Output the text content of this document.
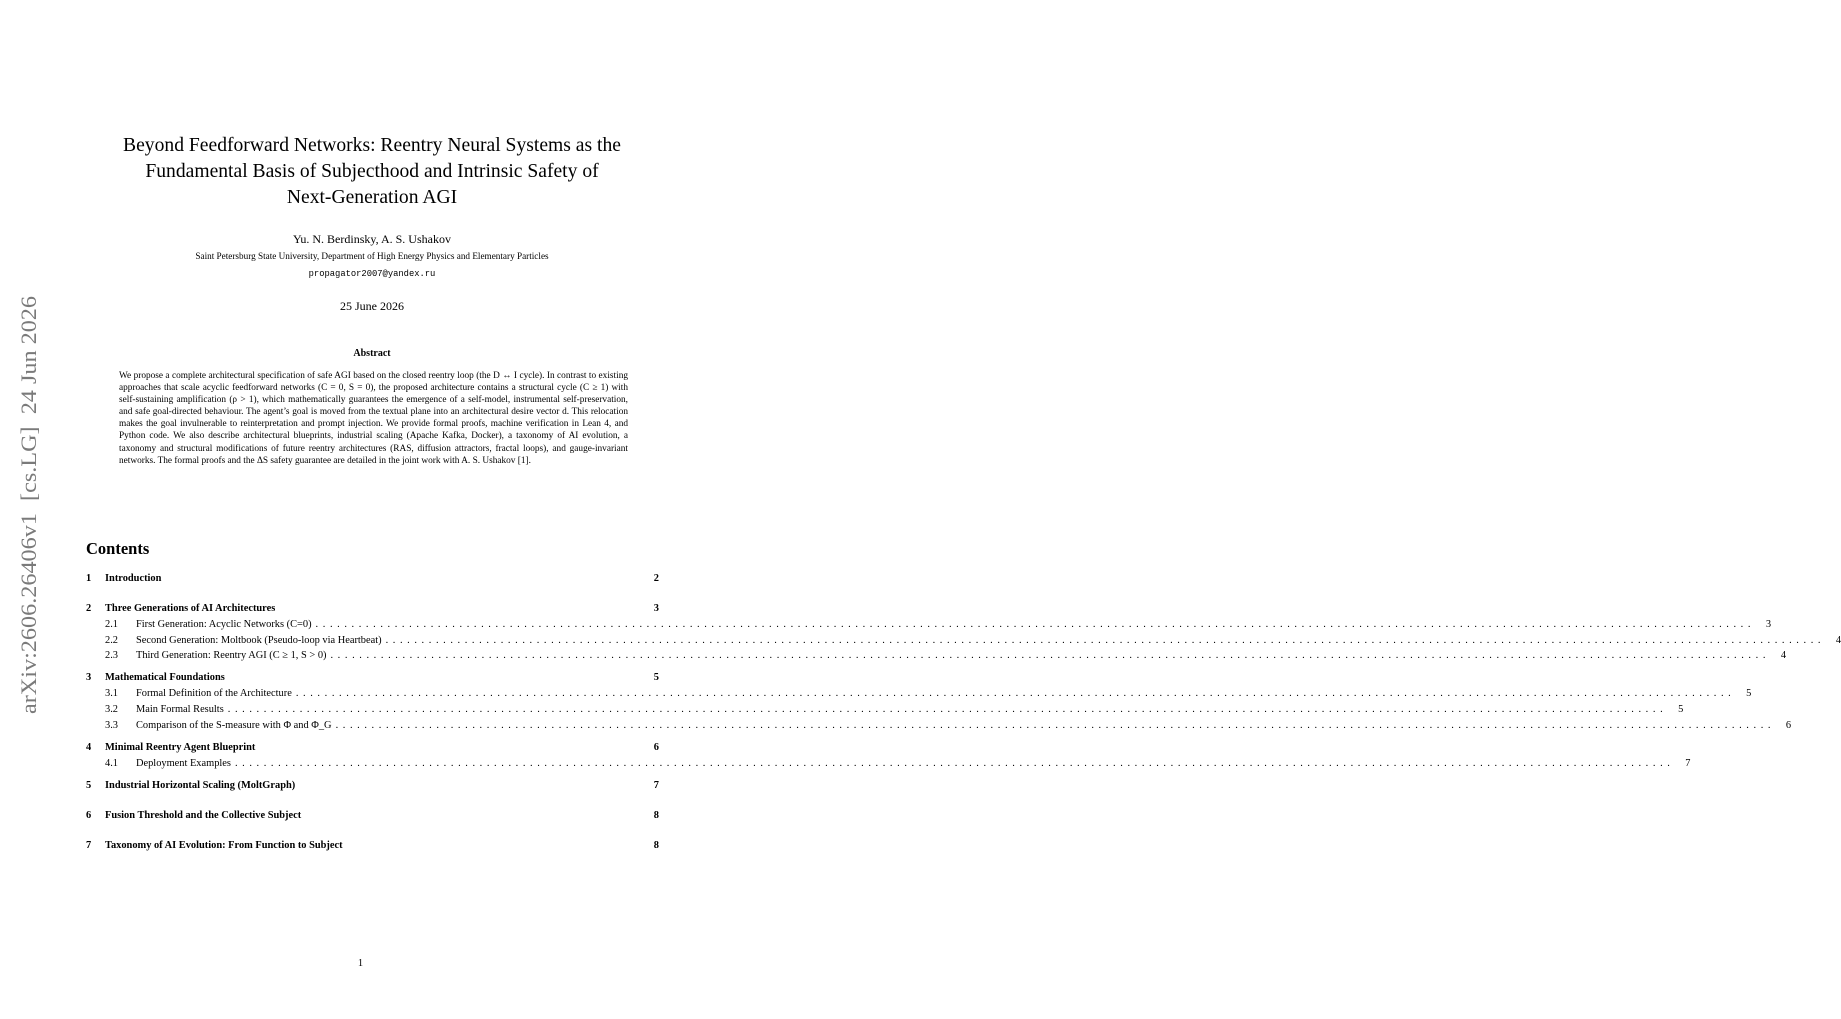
arXiv:2606.26406v1  [cs.LG]  24 Jun 2026
Beyond Feedforward Networks: Reentry Neural Systems as the
Fundamental Basis of Subjecthood and Intrinsic Safety of
Next-Generation AGI
Yu. N. Berdinsky, A. S. Ushakov
Saint Petersburg State University, Department of High Energy Physics and Elementary Particles
propagator2007@yandex.ru
25 June 2026
Abstract
We propose a complete architectural specification of safe AGI based on the closed reentry loop (the D ↔ I cycle). In contrast to existing approaches that scale acyclic feedforward networks (C = 0, S = 0), the proposed architecture contains a structural cycle (C ≥ 1) with self-sustaining amplification (ρ > 1), which mathematically guarantees the emergence of a self-model, instrumental self-preservation, and safe goal-directed behaviour. The agent’s goal is moved from the textual plane into an architectural desire vector d. This relocation makes the goal invulnerable to reinterpretation and prompt injection. We provide formal proofs, machine verification in Lean 4, and Python code. We also describe architectural blueprints, industrial scaling (Apache Kafka, Docker), a taxonomy of AI evolution, a taxonomy and structural modifications of future reentry architectures (RAS, diffusion attractors, fractal loops), and gauge-invariant networks. The formal proofs and the ΔS safety guarantee are detailed in the joint work with A. S. Ushakov [1].
Contents
1	Introduction	2
2	Three Generations of AI Architectures	3
2.1	First Generation: Acyclic Networks (C=0) ........................................................................................................................................................................................................	3
2.2	Second Generation: Moltbook (Pseudo-loop via Heartbeat) ........................................................................................................................................................................................................	4
2.3	Third Generation: Reentry AGI (C ≥ 1, S > 0) ........................................................................................................................................................................................................	4
3	Mathematical Foundations	5
3.1	Formal Definition of the Architecture ........................................................................................................................................................................................................	5
3.2	Main Formal Results ........................................................................................................................................................................................................	5
3.3	Comparison of the S-measure with Φ and Φ_G ........................................................................................................................................................................................................	6
4	Minimal Reentry Agent Blueprint	6
4.1	Deployment Examples ........................................................................................................................................................................................................	7
5	Industrial Horizontal Scaling (MoltGraph)	7
6	Fusion Threshold and the Collective Subject	8
7	Taxonomy of AI Evolution: From Function to Subject	8
1
